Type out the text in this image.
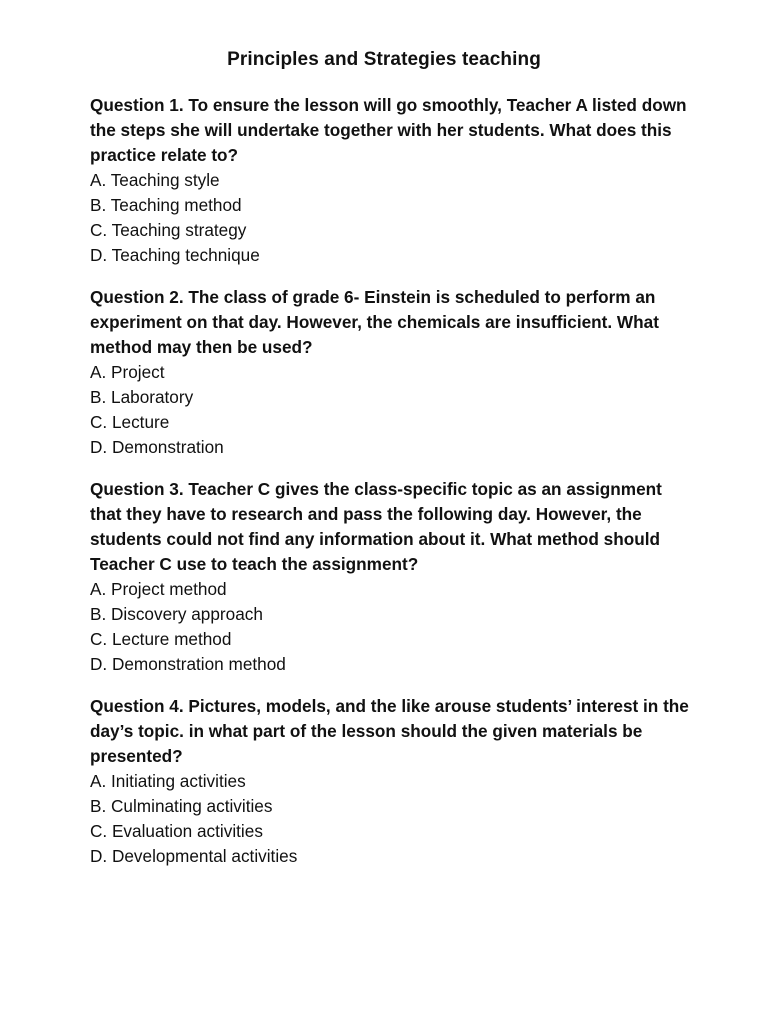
Principles and Strategies teaching

Question 1. To ensure the lesson will go smoothly, Teacher A listed down the steps she will undertake together with her students. What does this practice relate to?

A. Teaching style
B. Teaching method
C. Teaching strategy
D. Teaching technique

Question 2. The class of grade 6- Einstein is scheduled to perform an experiment on that day. However, the chemicals are insufficient. What method may then be used?

A. Project
B. Laboratory
C. Lecture
D. Demonstration

Question 3. Teacher C gives the class-specific topic as an assignment that they have to research and pass the following day. However, the students could not find any information about it. What method should Teacher C use to teach the assignment?

A. Project method
B. Discovery approach
C. Lecture method
D. Demonstration method

Question 4. Pictures, models, and the like arouse students’ interest in the day’s topic. in what part of the lesson should the given materials be presented?

A. Initiating activities
B. Culminating activities
C. Evaluation activities
D. Developmental activities
